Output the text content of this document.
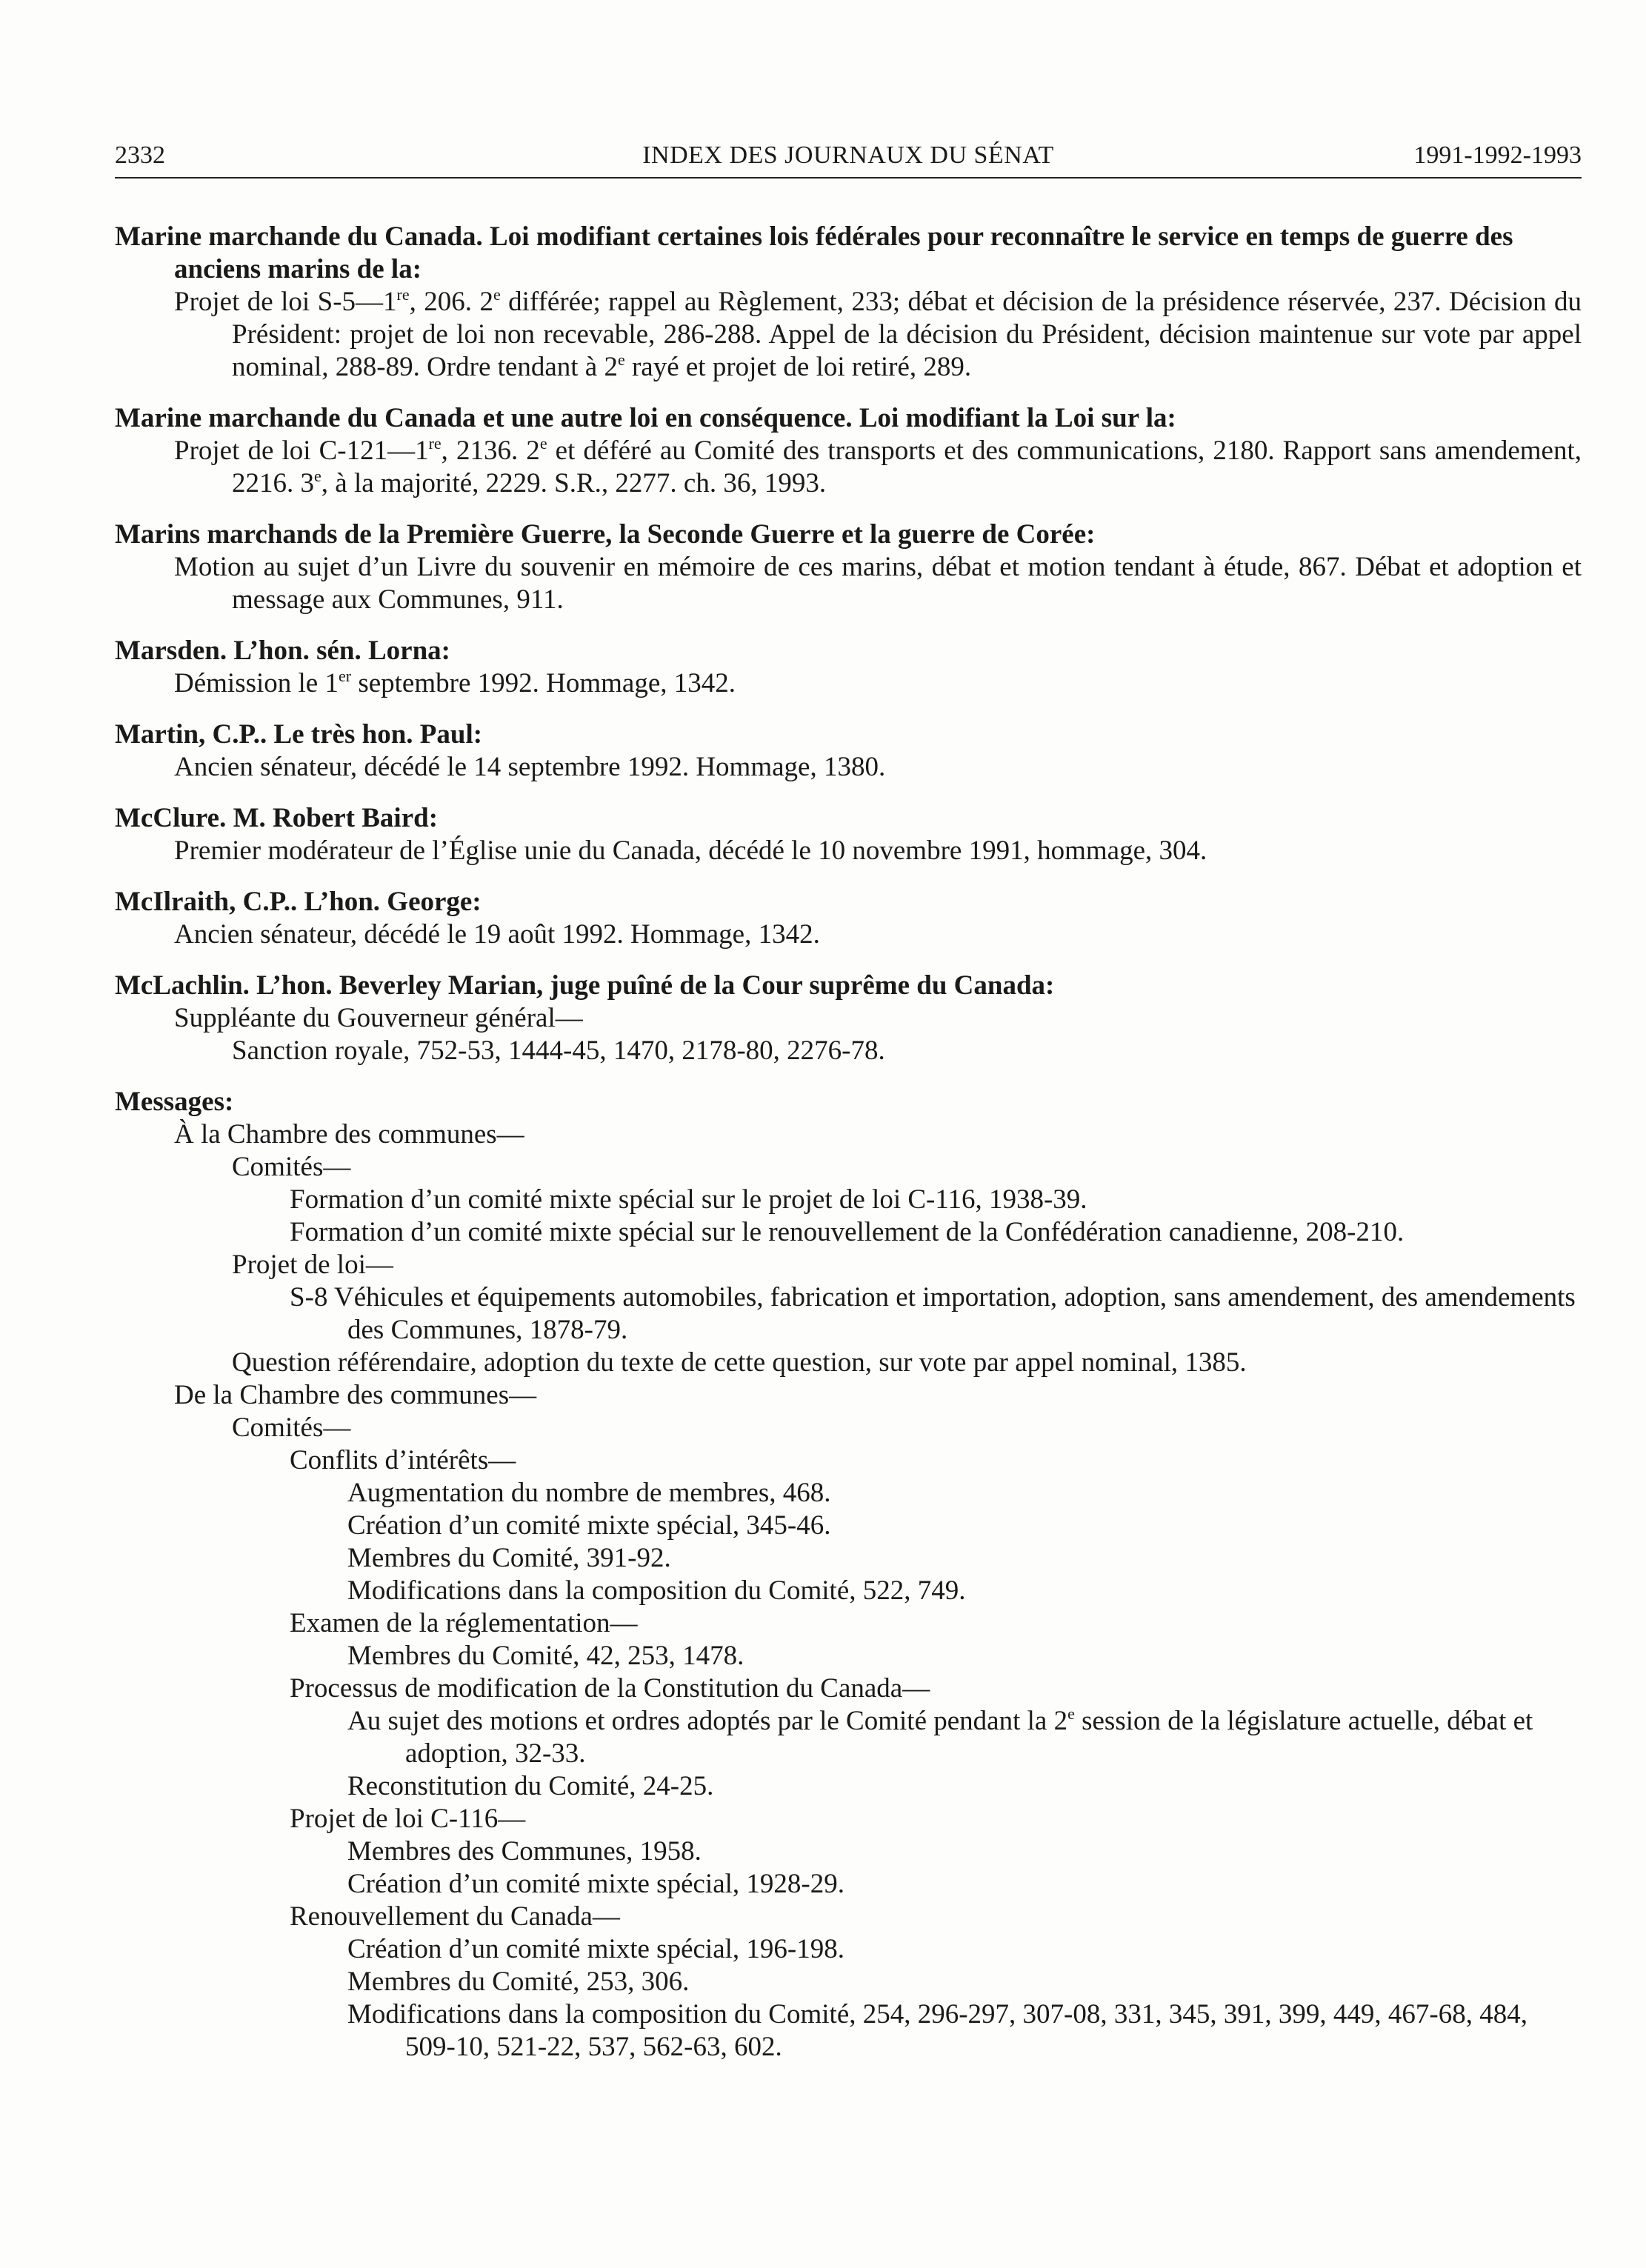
2332	INDEX DES JOURNAUX DU SÉNAT	1991-1992-1993
Marine marchande du Canada. Loi modifiant certaines lois fédérales pour reconnaître le service en temps de guerre des anciens marins de la:
Projet de loi S-5—1re, 206. 2e différée; rappel au Règlement, 233; débat et décision de la présidence réservée, 237. Décision du Président: projet de loi non recevable, 286-288. Appel de la décision du Président, décision maintenue sur vote par appel nominal, 288-89. Ordre tendant à 2e rayé et projet de loi retiré, 289.
Marine marchande du Canada et une autre loi en conséquence. Loi modifiant la Loi sur la:
Projet de loi C-121—1re, 2136. 2e et déféré au Comité des transports et des communications, 2180. Rapport sans amendement, 2216. 3e, à la majorité, 2229. S.R., 2277. ch. 36, 1993.
Marins marchands de la Première Guerre, la Seconde Guerre et la guerre de Corée:
Motion au sujet d’un Livre du souvenir en mémoire de ces marins, débat et motion tendant à étude, 867. Débat et adoption et message aux Communes, 911.
Marsden. L’hon. sén. Lorna:
Démission le 1er septembre 1992. Hommage, 1342.
Martin, C.P.. Le très hon. Paul:
Ancien sénateur, décédé le 14 septembre 1992. Hommage, 1380.
McClure. M. Robert Baird:
Premier modérateur de l’Église unie du Canada, décédé le 10 novembre 1991, hommage, 304.
McIlraith, C.P.. L’hon. George:
Ancien sénateur, décédé le 19 août 1992. Hommage, 1342.
McLachlin. L’hon. Beverley Marian, juge puîné de la Cour suprême du Canada:
Suppléante du Gouverneur général—
Sanction royale, 752-53, 1444-45, 1470, 2178-80, 2276-78.
Messages:
À la Chambre des communes—
Comités—
Formation d’un comité mixte spécial sur le projet de loi C-116, 1938-39.
Formation d’un comité mixte spécial sur le renouvellement de la Confédération canadienne, 208-210.
Projet de loi—
S-8 Véhicules et équipements automobiles, fabrication et importation, adoption, sans amendement, des amendements des Communes, 1878-79.
Question référendaire, adoption du texte de cette question, sur vote par appel nominal, 1385.
De la Chambre des communes—
Comités—
Conflits d’intérêts—
Augmentation du nombre de membres, 468.
Création d’un comité mixte spécial, 345-46.
Membres du Comité, 391-92.
Modifications dans la composition du Comité, 522, 749.
Examen de la réglementation—
Membres du Comité, 42, 253, 1478.
Processus de modification de la Constitution du Canada—
Au sujet des motions et ordres adoptés par le Comité pendant la 2e session de la législature actuelle, débat et adoption, 32-33.
Reconstitution du Comité, 24-25.
Projet de loi C-116—
Membres des Communes, 1958.
Création d’un comité mixte spécial, 1928-29.
Renouvellement du Canada—
Création d’un comité mixte spécial, 196-198.
Membres du Comité, 253, 306.
Modifications dans la composition du Comité, 254, 296-297, 307-08, 331, 345, 391, 399, 449, 467-68, 484, 509-10, 521-22, 537, 562-63, 602.
